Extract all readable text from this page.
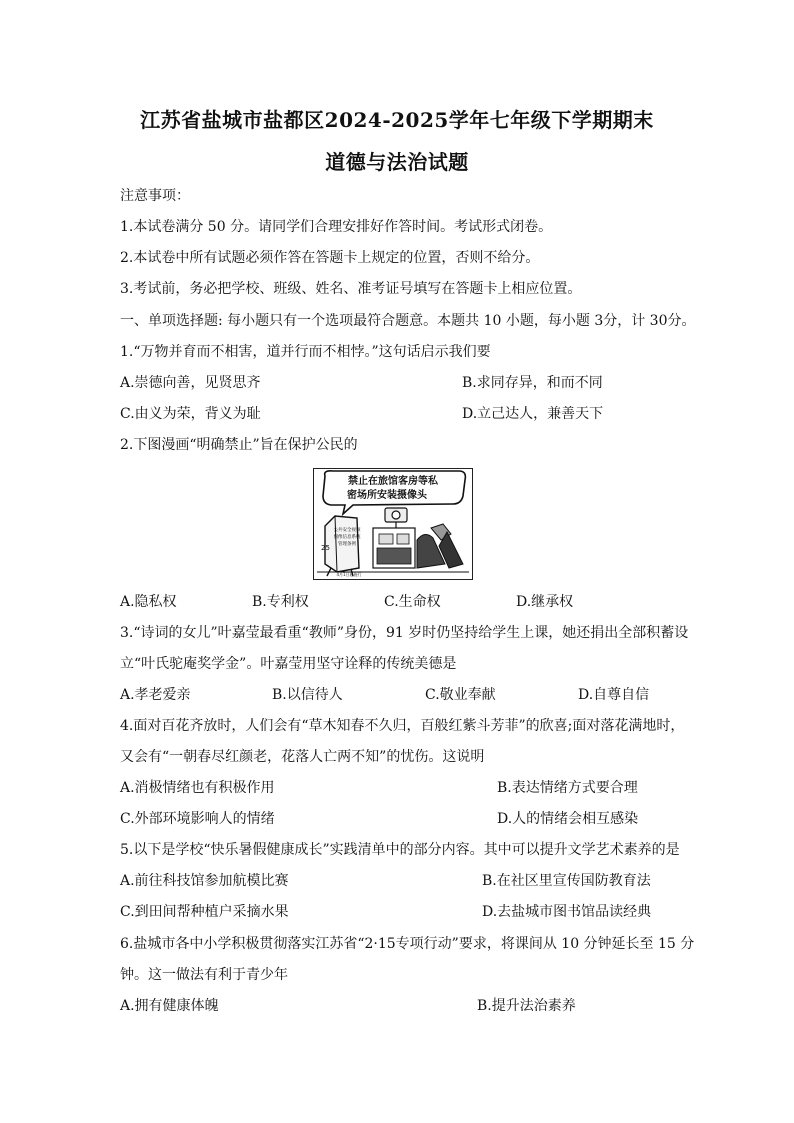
江苏省盐城市盐都区2024-2025学年七年级下学期期末
道德与法治试题
注意事项：
1.本试卷满分 50 分。请同学们合理安排好作答时间。考试形式闭卷。
2.本试卷中所有试题必须作答在答题卡上规定的位置，否则不给分。
3.考试前，务必把学校、班级、姓名、准考证号填写在答题卡上相应位置。
一、单项选择题: 每小题只有一个选项最符合题意。本题共 10 小题，每小题 3分，计 30分。
1.“万物并育而不相害，道并行而不相悖。”这句话启示我们要
A.崇德向善，见贤思齐	B.求同存异，和而不同
C.由义为荣，背义为耻	D.立己达人，兼善天下
2.下图漫画“明确禁止”旨在保护公民的
禁止在旅馆客房等私
密场所安装摄像头
公共安全视频
图像信息系统
管理条例
25
4月1日起施行
A.隐私权	B.专利权	C.生命权	D.继承权
3.“诗词的女儿”叶嘉莹最看重“教师”身份，91 岁时仍坚持给学生上课，她还捐出全部积蓄设
立“叶氏驼庵奖学金”。叶嘉莹用坚守诠释的传统美德是
A.孝老爱亲	B.以信待人	C.敬业奉献	D.自尊自信
4.面对百花齐放时，人们会有“草木知春不久归，百般红紫斗芳菲”的欣喜;面对落花满地时，
又会有“一朝春尽红颜老，花落人亡两不知”的忧伤。这说明
A.消极情绪也有积极作用	B.表达情绪方式要合理
C.外部环境影响人的情绪	D.人的情绪会相互感染
5.以下是学校“快乐暑假健康成长”实践清单中的部分内容。其中可以提升文学艺术素养的是
A.前往科技馆参加航模比赛	B.在社区里宣传国防教育法
C.到田间帮种植户采摘水果	D.去盐城市图书馆品读经典
6.盐城市各中小学积极贯彻落实江苏省“2·15专项行动”要求，将课间从 10 分钟延长至 15 分
钟。这一做法有利于青少年
A.拥有健康体魄	B.提升法治素养
